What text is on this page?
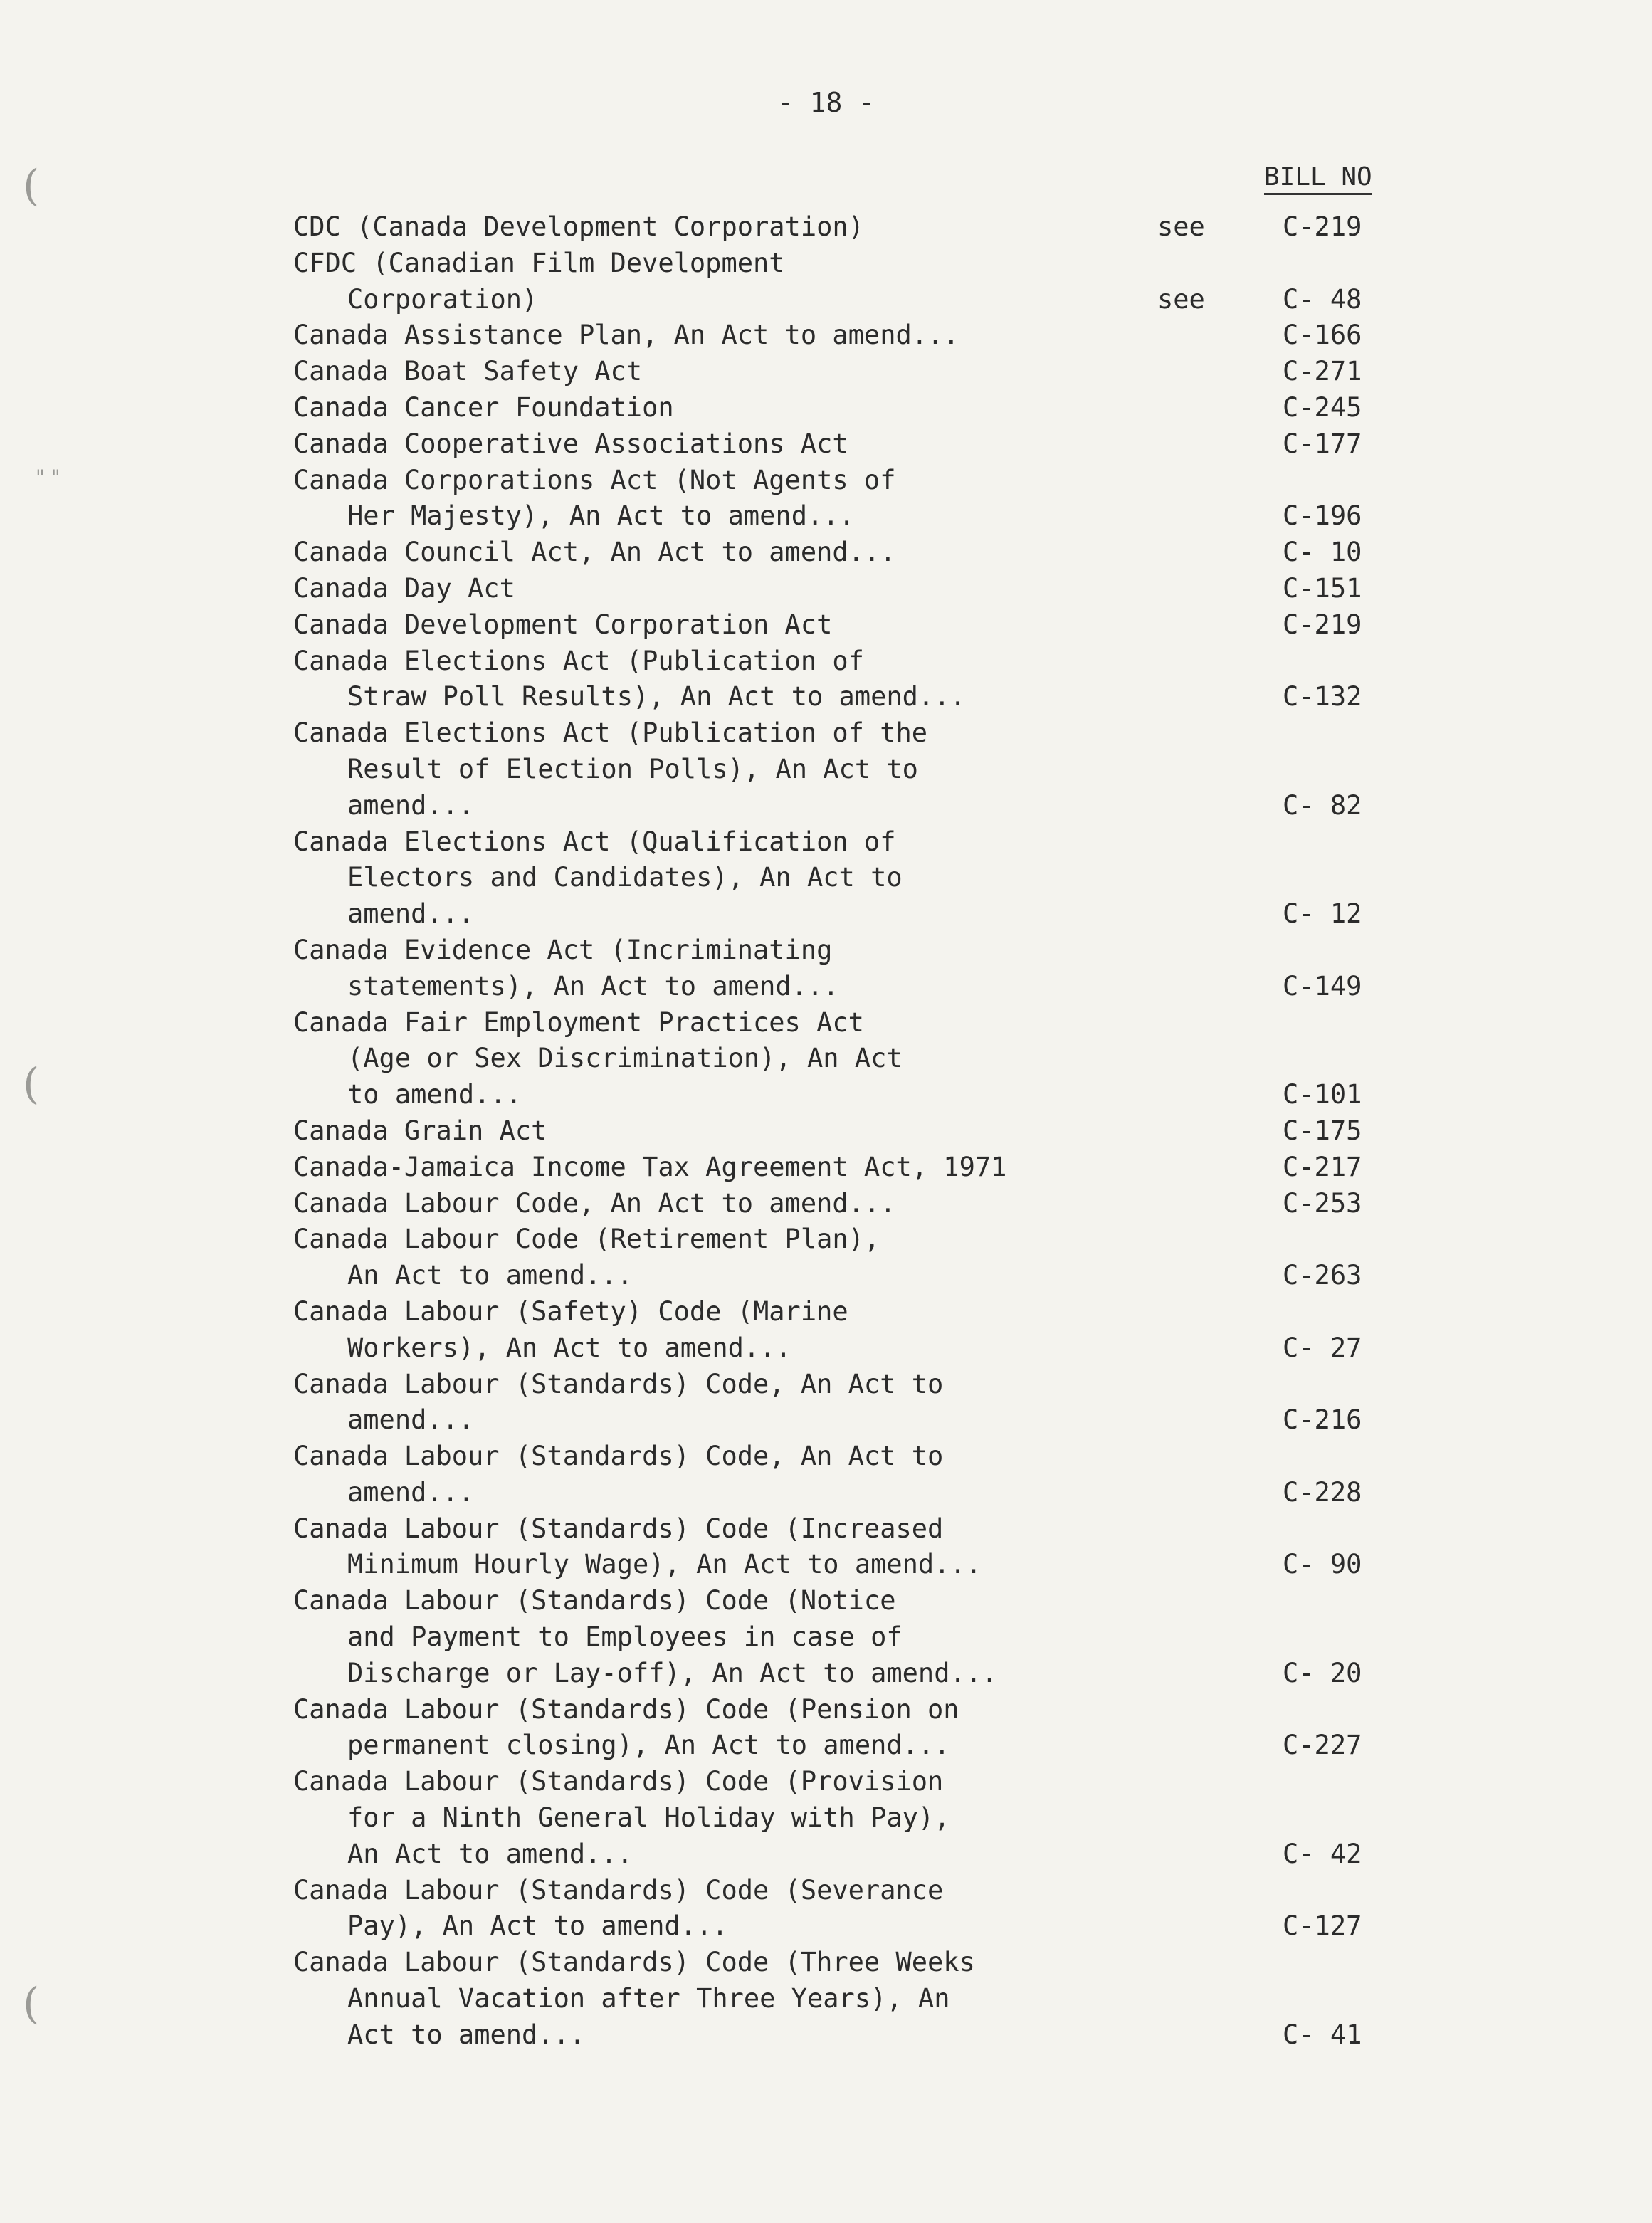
(
(
(
" "
- 18 -
BILL NO
CDC (Canada Development Corporation)	see	C-219
CFDC (Canadian Film Development
Corporation)	see	C- 48
Canada Assistance Plan, An Act to amend...	C-166
Canada Boat Safety Act	C-271
Canada Cancer Foundation	C-245
Canada Cooperative Associations Act	C-177
Canada Corporations Act (Not Agents of
Her Majesty), An Act to amend...	C-196
Canada Council Act, An Act to amend...	C- 10
Canada Day Act	C-151
Canada Development Corporation Act	C-219
Canada Elections Act (Publication of
Straw Poll Results), An Act to amend...	C-132
Canada Elections Act (Publication of the
Result of Election Polls), An Act to
amend...	C- 82
Canada Elections Act (Qualification of
Electors and Candidates), An Act to
amend...	C- 12
Canada Evidence Act (Incriminating
statements), An Act to amend...	C-149
Canada Fair Employment Practices Act
(Age or Sex Discrimination), An Act
to amend...	C-101
Canada Grain Act	C-175
Canada-Jamaica Income Tax Agreement Act, 1971	C-217
Canada Labour Code, An Act to amend...	C-253
Canada Labour Code (Retirement Plan),
An Act to amend...	C-263
Canada Labour (Safety) Code (Marine
Workers), An Act to amend...	C- 27
Canada Labour (Standards) Code, An Act to
amend...	C-216
Canada Labour (Standards) Code, An Act to
amend...	C-228
Canada Labour (Standards) Code (Increased
Minimum Hourly Wage), An Act to amend...	C- 90
Canada Labour (Standards) Code (Notice
and Payment to Employees in case of
Discharge or Lay-off), An Act to amend...	C- 20
Canada Labour (Standards) Code (Pension on
permanent closing), An Act to amend...	C-227
Canada Labour (Standards) Code (Provision
for a Ninth General Holiday with Pay),
An Act to amend...	C- 42
Canada Labour (Standards) Code (Severance
Pay), An Act to amend...	C-127
Canada Labour (Standards) Code (Three Weeks
Annual Vacation after Three Years), An
Act to amend...	C- 41
